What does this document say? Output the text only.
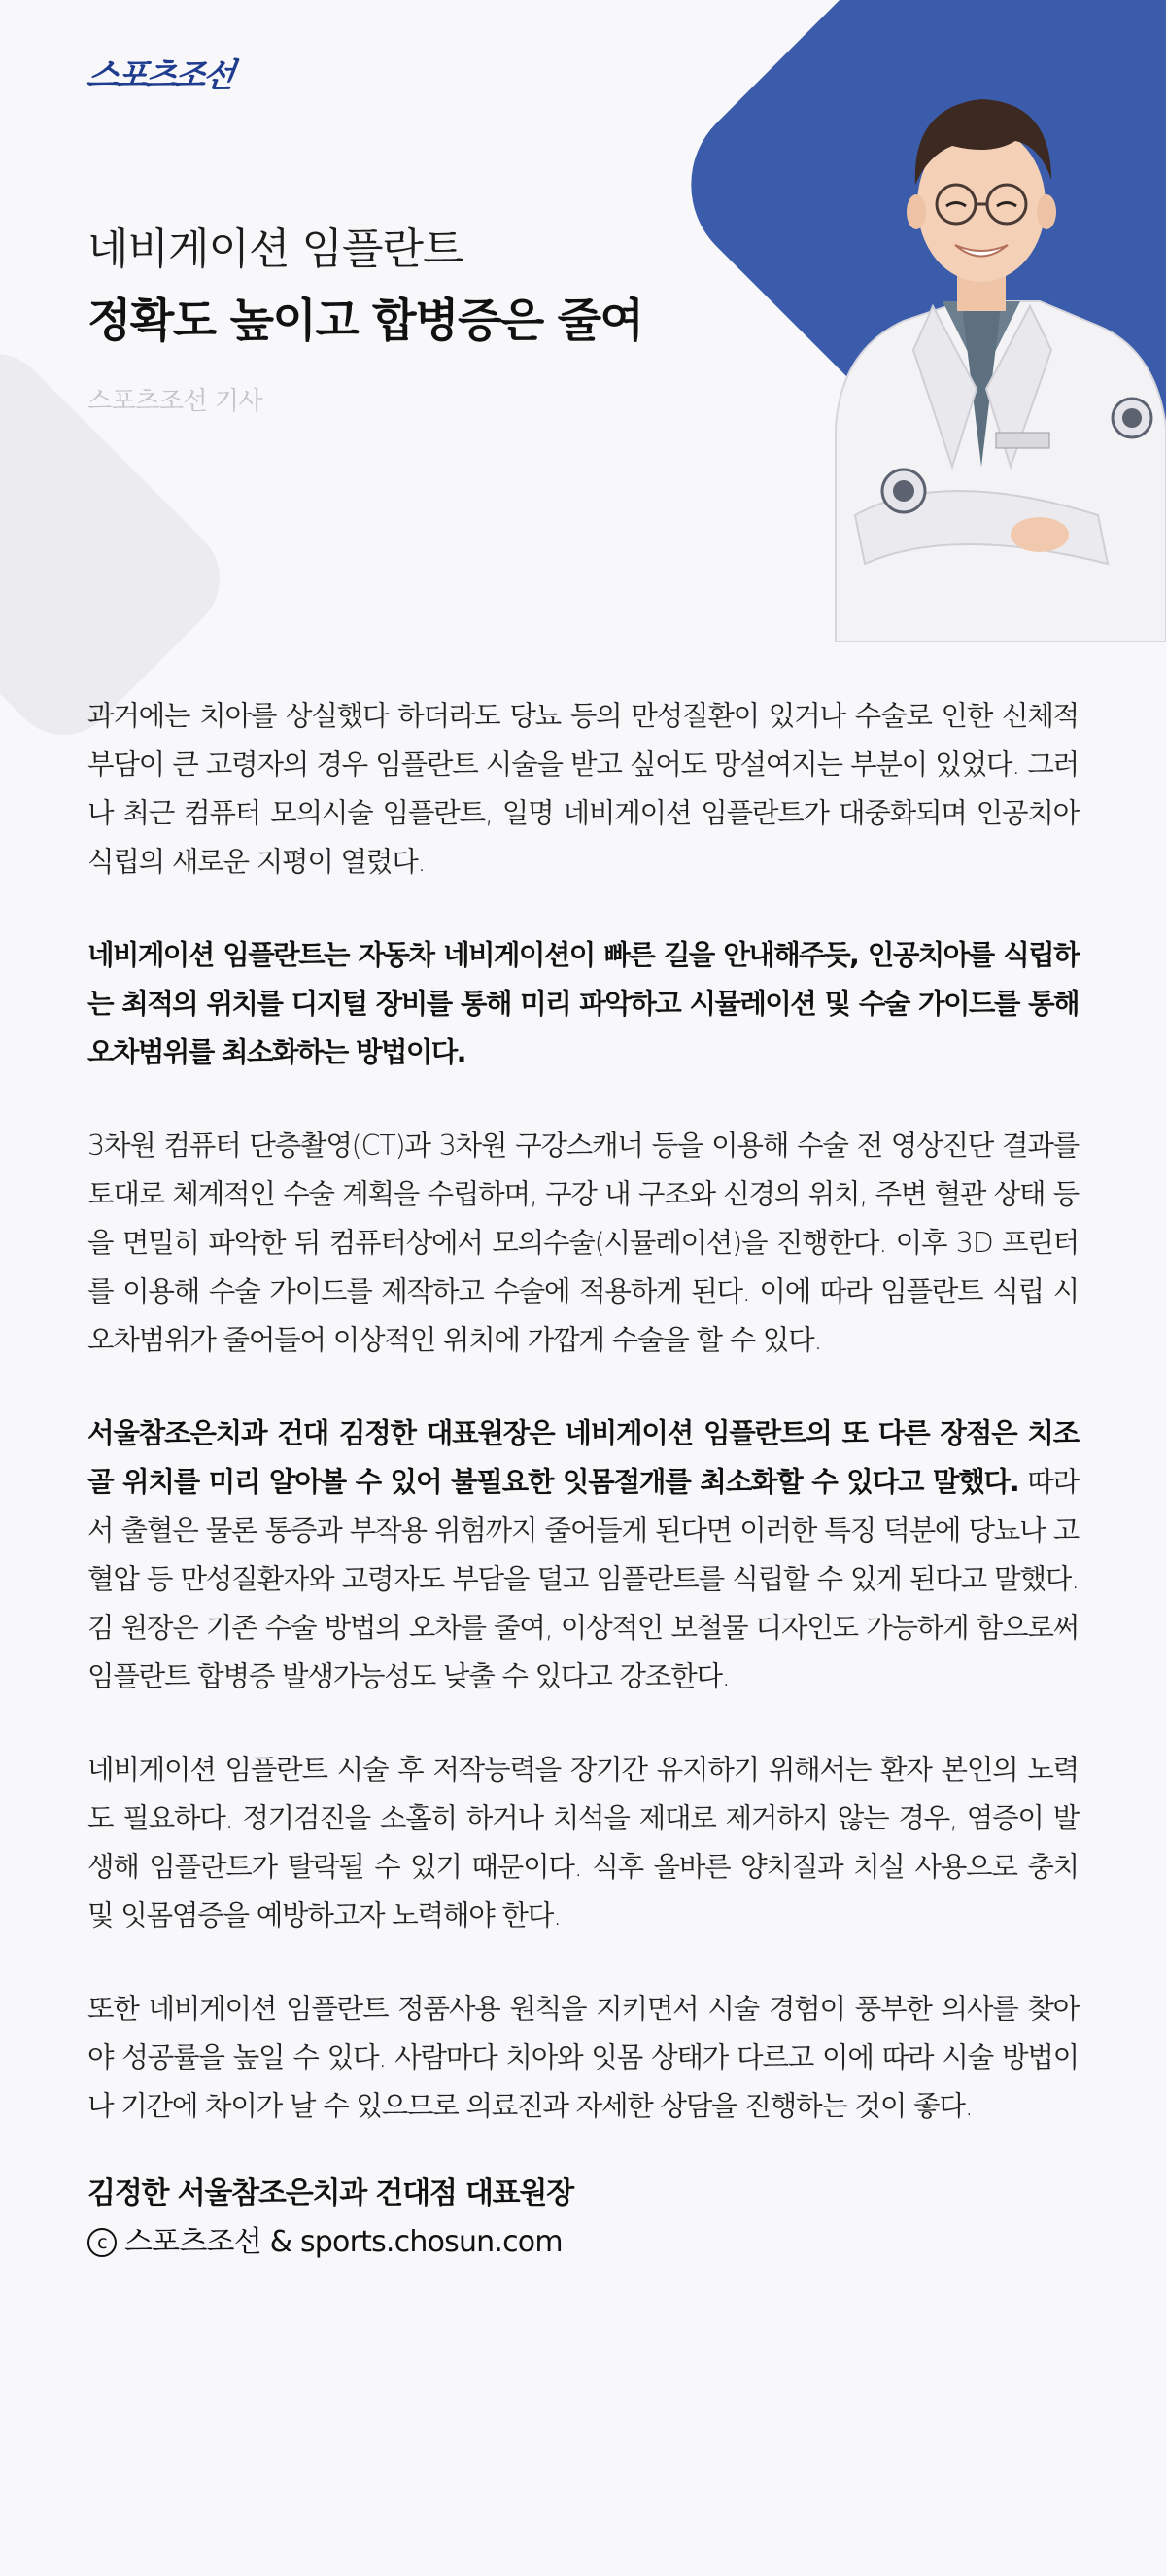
스포츠조선
네비게이션 임플란트
정확도 높이고 합병증은 줄여
스포츠조선 기사

과거에는 치아를 상실했다 하더라도 당뇨 등의 만성질환이 있거나 수술로 인한 신체적 부담이 큰 고령자의 경우 임플란트 시술을 받고 싶어도 망설여지는 부분이 있었다. 그러나 최근 컴퓨터 모의시술 임플란트, 일명 네비게이션 임플란트가 대중화되며 인공치아 식립의 새로운 지평이 열렸다.

네비게이션 임플란트는 자동차 네비게이션이 빠른 길을 안내해주듯, 인공치아를 식립하는 최적의 위치를 디지털 장비를 통해 미리 파악하고 시뮬레이션 및 수술 가이드를 통해 오차범위를 최소화하는 방법이다.

3차원 컴퓨터 단층촬영(CT)과 3차원 구강스캐너 등을 이용해 수술 전 영상진단 결과를 토대로 체계적인 수술 계획을 수립하며, 구강 내 구조와 신경의 위치, 주변 혈관 상태 등을 면밀히 파악한 뒤 컴퓨터상에서 모의수술(시뮬레이션)을 진행한다. 이후 3D 프린터를 이용해 수술 가이드를 제작하고 수술에 적용하게 된다. 이에 따라 임플란트 식립 시 오차범위가 줄어들어 이상적인 위치에 가깝게 수술을 할 수 있다.

서울참조은치과 건대 김정한 대표원장은 네비게이션 임플란트의 또 다른 장점은 치조골 위치를 미리 알아볼 수 있어 불필요한 잇몸절개를 최소화할 수 있다고 말했다. 따라서 출혈은 물론 통증과 부작용 위험까지 줄어들게 된다면 이러한 특징 덕분에 당뇨나 고혈압 등 만성질환자와 고령자도 부담을 덜고 임플란트를 식립할 수 있게 된다고 말했다. 김 원장은 기존 수술 방법의 오차를 줄여, 이상적인 보철물 디자인도 가능하게 함으로써 임플란트 합병증 발생가능성도 낮출 수 있다고 강조한다.

네비게이션 임플란트 시술 후 저작능력을 장기간 유지하기 위해서는 환자 본인의 노력도 필요하다. 정기검진을 소홀히 하거나 치석을 제대로 제거하지 않는 경우, 염증이 발생해 임플란트가 탈락될 수 있기 때문이다. 식후 올바른 양치질과 치실 사용으로 충치 및 잇몸염증을 예방하고자 노력해야 한다.

또한 네비게이션 임플란트 정품사용 원칙을 지키면서 시술 경험이 풍부한 의사를 찾아야 성공률을 높일 수 있다. 사람마다 치아와 잇몸 상태가 다르고 이에 따라 시술 방법이나 기간에 차이가 날 수 있으므로 의료진과 자세한 상담을 진행하는 것이 좋다.

김정한 서울참조은치과 건대점 대표원장
c 스포츠조선 & sports.chosun.com
